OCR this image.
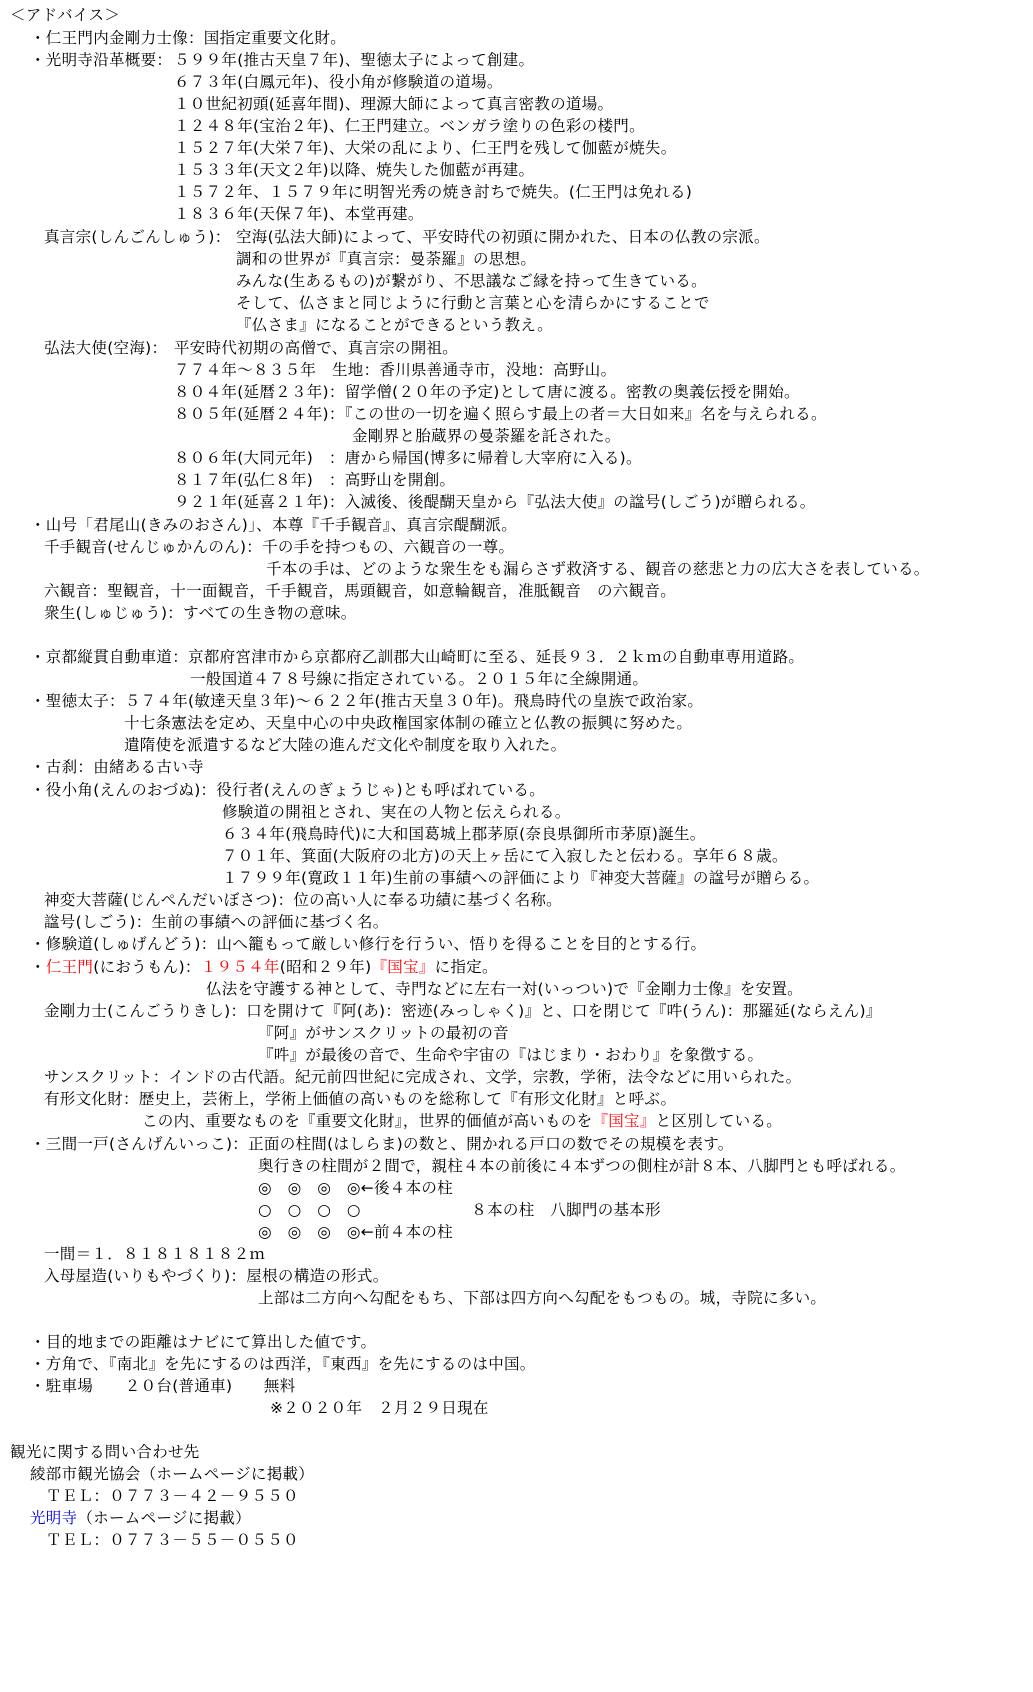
＜アドバイス＞
・仁王門内金剛力士像：国指定重要文化財。
・光明寺沿革概要： ５９９年(推古天皇７年)、聖徳太子によって創建。
６７３年(白鳳元年)、役小角が修験道の道場。
１０世紀初頭(延喜年間)、理源大師によって真言密教の道場。
１２４８年(宝治２年)、仁王門建立。ベンガラ塗りの色彩の楼門。
１５２７年(大栄７年)、大栄の乱により、仁王門を残して伽藍が焼失。
１５３３年(天文２年)以降、焼失した伽藍が再建。
１５７２年、１５７９年に明智光秀の焼き討ちで焼失。(仁王門は免れる)
１８３６年(天保７年)、本堂再建。
真言宗(しんごんしゅう)： 空海(弘法大師)によって、平安時代の初頭に開かれた、日本の仏教の宗派。
調和の世界が『真言宗：曼荼羅』の思想。
みんな(生あるもの)が繋がり、不思議なご縁を持って生きている。
そして、仏さまと同じように行動と言葉と心を清らかにすることで
『仏さま』になることができるという教え。
弘法大使(空海)： 平安時代初期の高僧で、真言宗の開祖。
７７４年～８３５年　生地：香川県善通寺市，没地：高野山。
８０４年(延暦２３年)：留学僧(２０年の予定)として唐に渡る。密教の奥義伝授を開始。
８０５年(延暦２４年)：『この世の一切を遍く照らす最上の者＝大日如来』名を与えられる。
金剛界と胎蔵界の曼荼羅を託された。
８０６年(大同元年)　：唐から帰国(博多に帰着し大宰府に入る)。
８１７年(弘仁８年)　：高野山を開創。
９２１年(延喜２１年)：入滅後、後醍醐天皇から『弘法大使』の諡号(しごう)が贈られる。
・山号「君尾山(きみのおさん)」、本尊『千手観音』、真言宗醍醐派。
千手観音(せんじゅかんのん)：千の手を持つもの、六観音の一尊。
千本の手は、どのような衆生をも漏らさず救済する、観音の慈悲と力の広大さを表している。
六観音：聖観音，十一面観音，千手観音，馬頭観音，如意輪観音，准胝観音　の六観音。
衆生(しゅじゅう)：すべての生き物の意味。
・京都縦貫自動車道：京都府宮津市から京都府乙訓郡大山崎町に至る、延長９３．２ｋｍの自動車専用道路。
一般国道４７８号線に指定されている。２０１５年に全線開通。
・聖徳太子：５７４年(敏達天皇３年)～６２２年(推古天皇３０年)。飛鳥時代の皇族で政治家。
十七条憲法を定め、天皇中心の中央政権国家体制の確立と仏教の振興に努めた。
遣隋使を派遣するなど大陸の進んだ文化や制度を取り入れた。
・古刹：由緒ある古い寺
・役小角(えんのおづぬ)：役行者(えんのぎょうじゃ)とも呼ばれている。
修験道の開祖とされ、実在の人物と伝えられる。
６３４年(飛鳥時代)に大和国葛城上郡茅原(奈良県御所市茅原)誕生。
７０１年、箕面(大阪府の北方)の天上ヶ岳にて入寂したと伝わる。享年６８歳。
１７９９年(寛政１１年)生前の事績への評価により『神変大菩薩』の諡号が贈らる。
神変大菩薩(じんぺんだいぼさつ)：位の高い人に奉る功績に基づく名称。
諡号(しごう)：生前の事績への評価に基づく名。
・修験道(しゅげんどう)：山へ籠もって厳しい修行を行うい、悟りを得ることを目的とする行。
・仁王門(におうもん)：１９５４年(昭和２９年)『国宝』に指定。
仏法を守護する神として、寺門などに左右一対(いっつい)で『金剛力士像』を安置。
金剛力士(こんごうりきし)：口を開けて『阿(あ)：密迹(みっしゃく)』と、口を閉じて『吽(うん)：那羅延(ならえん)』
『阿』がサンスクリットの最初の音
『吽』が最後の音で、生命や宇宙の『はじまり・おわり』を象徴する。
サンスクリット：インドの古代語。紀元前四世紀に完成され、文学，宗教，学術，法令などに用いられた。
有形文化財：歴史上，芸術上，学術上価値の高いものを総称して『有形文化財』と呼ぶ。
この内、重要なものを『重要文化財』，世界的価値が高いものを『国宝』と区別している。
・三間一戸(さんげんいっこ)：正面の柱間(はしらま)の数と、開かれる戸口の数でその規模を表す。
奥行きの柱間が２間で，親柱４本の前後に４本ずつの側柱が計８本、八脚門とも呼ばれる。
◎　◎　◎　◎←後４本の柱
○　○　○　○　　　　　　　８本の柱　八脚門の基本形
◎　◎　◎　◎←前４本の柱
一間＝１．８１８１８１８２ｍ
入母屋造(いりもやづくり)：屋根の構造の形式。
上部は二方向へ勾配をもち、下部は四方向へ勾配をもつもの。城，寺院に多い。
・目的地までの距離はナビにて算出した値です。
・方角で、『南北』を先にするのは西洋，『東西』を先にするのは中国。
・駐車場　　２０台(普通車)　　無料
※２０２０年　２月２９日現在
観光に関する問い合わせ先
綾部市観光協会（ホームページに掲載）
ＴＥＬ：０７７３－４２－９５５０
光明寺（ホームページに掲載）
ＴＥＬ：０７７３－５５－０５５０
